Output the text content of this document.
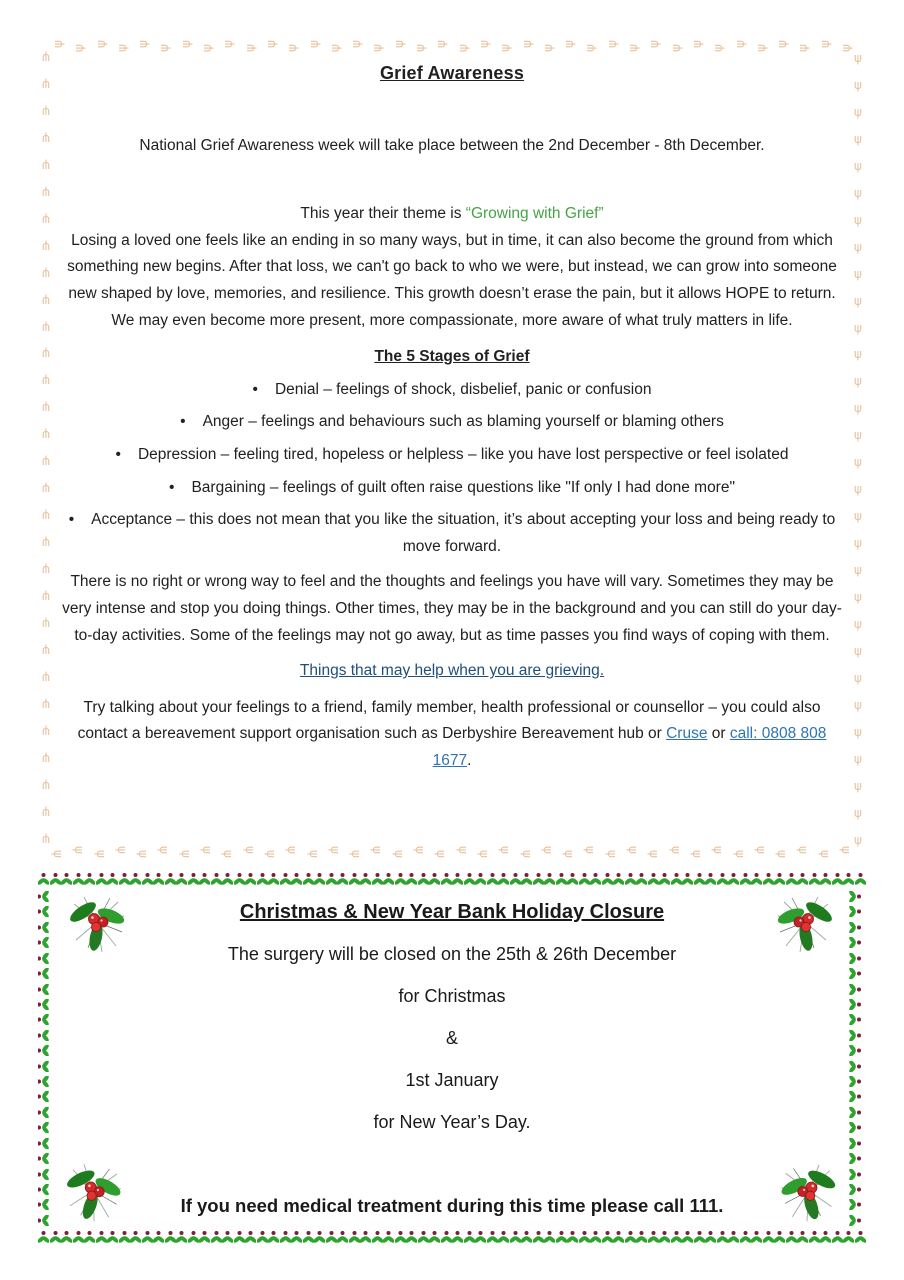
ψ
ψ
ψ
ψ
ψ
ψ
ψ
ψ
ψ
ψ
ψ
ψ
ψ
ψ
ψ
ψ
ψ
ψ
ψ
ψ
ψ
ψ
ψ
ψ
ψ
ψ
ψ
ψ
ψ
ψ
ψ
ψ
ψ
ψ
ψ
ψ
ψ
ψ
ψ
ψ
ψ
ψ
ψ
ψ
ψ
ψ
ψ
ψ
ψ
ψ
ψ
ψ
ψ
ψ
ψ
ψ
ψ
ψ
ψ
ψ
ψ
ψ
ψ
ψ
ψ
ψ
ψ
ψ
ψ
ψ
ψ
ψ
ψ
ψ
ψ
ψ
ψ
ψ
ψ
ψ
ψ
ψ
ψ
ψ
ψ
ψ
ψ
ψ
ψ
ψ
ψ
ψ
ψ
ψ
ψ
ψ
ψ
ψ
ψ
ψ
ψ
ψ
ψ
ψ
ψ
ψ
ψ
ψ
ψ
ψ
ψ
ψ
ψ
ψ
ψ
ψ
ψ
ψ
ψ
ψ
ψ
ψ
ψ
ψ
ψ
ψ
ψ
ψ
ψ
ψ
ψ
ψ
ψ
ψ
ψ
ψ
Grief Awareness

National Grief Awareness week will take place between the 2nd December - 8th December.

This year their theme is “Growing with Grief”

Losing a loved one feels like an ending in so many ways, but in time, it can also become the ground from which something new begins. After that loss, we can't go back to who we were, but instead, we can grow into someone new shaped by love, memories, and resilience. This growth doesn’t erase the pain, but it allows HOPE to return. We may even become more present, more compassionate, more aware of what truly matters in life.

The 5 Stages of Grief
• Denial – feelings of shock, disbelief, panic or confusion
• Anger – feelings and behaviours such as blaming yourself or blaming others
• Depression – feeling tired, hopeless or helpless – like you have lost perspective or feel isolated
• Bargaining – feelings of guilt often raise questions like "If only I had done more"
• Acceptance – this does not mean that you like the situation, it’s about accepting your loss and being ready to move forward.

There is no right or wrong way to feel and the thoughts and feelings you have will vary. Sometimes they may be very intense and stop you doing things. Other times, they may be in the background and you can still do your day-to-day activities. Some of the feelings may not go away, but as time passes you find ways of coping with them.

Things that may help when you are grieving.

Try talking about your feelings to a friend, family member, health professional or counsellor – you could also contact a bereavement support organisation such as Derbyshire Bereavement hub or Cruse or call: 0808 808 1677.

Christmas & New Year Bank Holiday Closure

The surgery will be closed on the 25th & 26th December

for Christmas

&

1st January

for New Year’s Day.

If you need medical treatment during this time please call 111.
